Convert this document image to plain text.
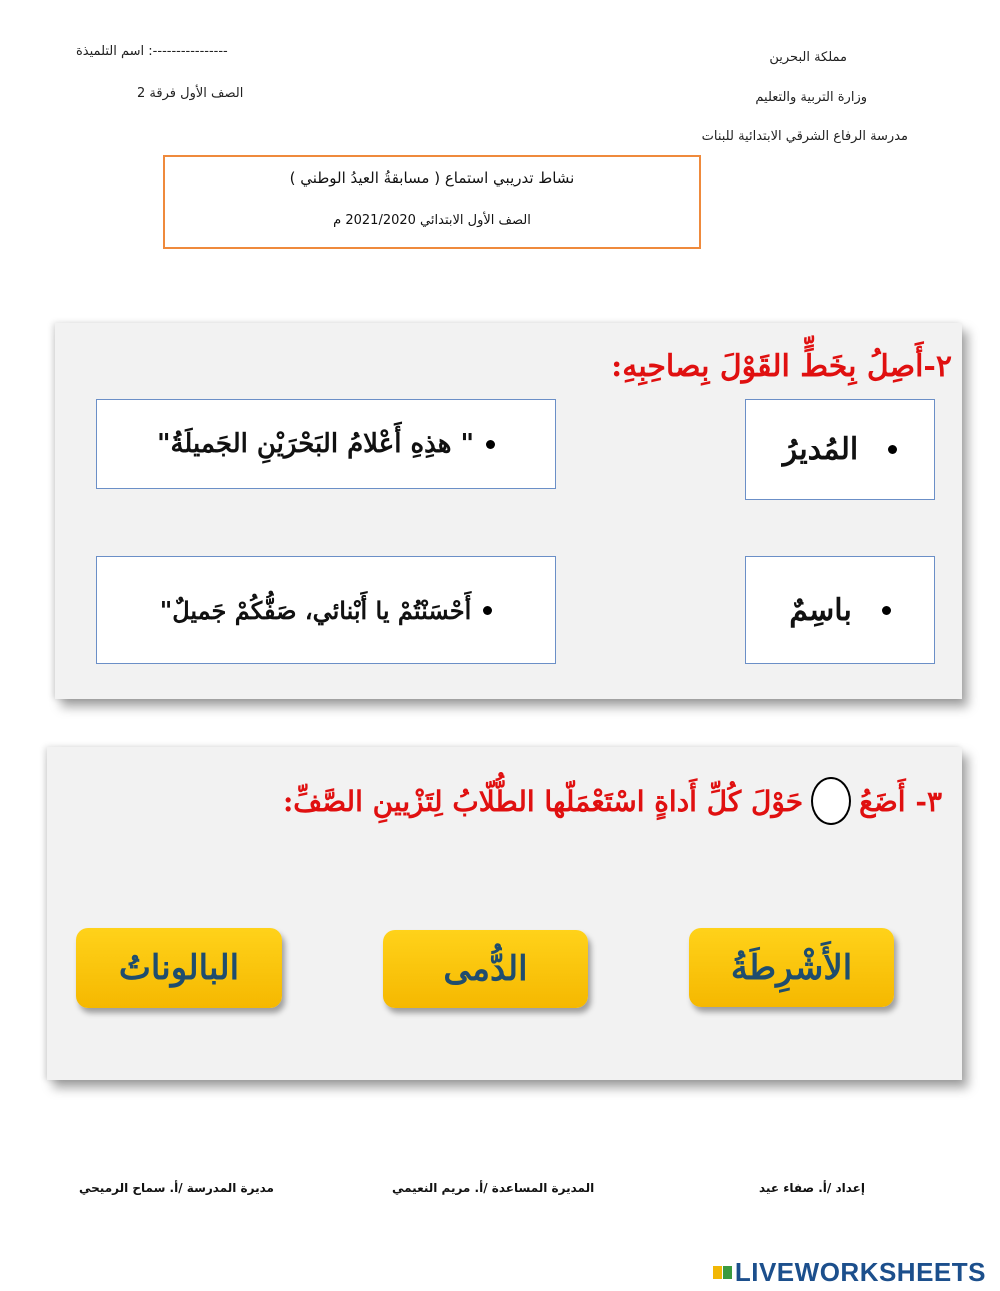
مملكة البحرين
وزارة التربية والتعليم
مدرسة الرفاع الشرقي الابتدائية للبنات
اسم التلميذة :----------------
الصف الأول فرقة 2
نشاط تدريبي استماع ( مسابقةُ العيدُ الوطني )
الصف الأول الابتدائي 2021/2020 م
٢-أَصِلُ بِخَطٍّ القَوْلَ بِصاحِبِهِ:
" هذِهِ أَعْلامُ البَحْرَيْنِ الجَميلَةُ"
أَحْسَنْتُمْ يا أَبْنائي، صَفُّكُمْ جَميلٌ"
المُديرُ
باسِمٌ
٣- أَضَعُ
حَوْلَ كُلِّ أَداةٍ اسْتَعْمَلّها الطُّلّابُ لِتَزْيينِ الصَّفِّ:
الأَشْرِطَةُ
الدُّمى
البالوناتُ
إعداد /أ. صفاء عيد
المديرة المساعدة /أ. مريم النعيمي
مديرة المدرسة /أ. سماح الرميحي
LIVEWORKSHEETS
